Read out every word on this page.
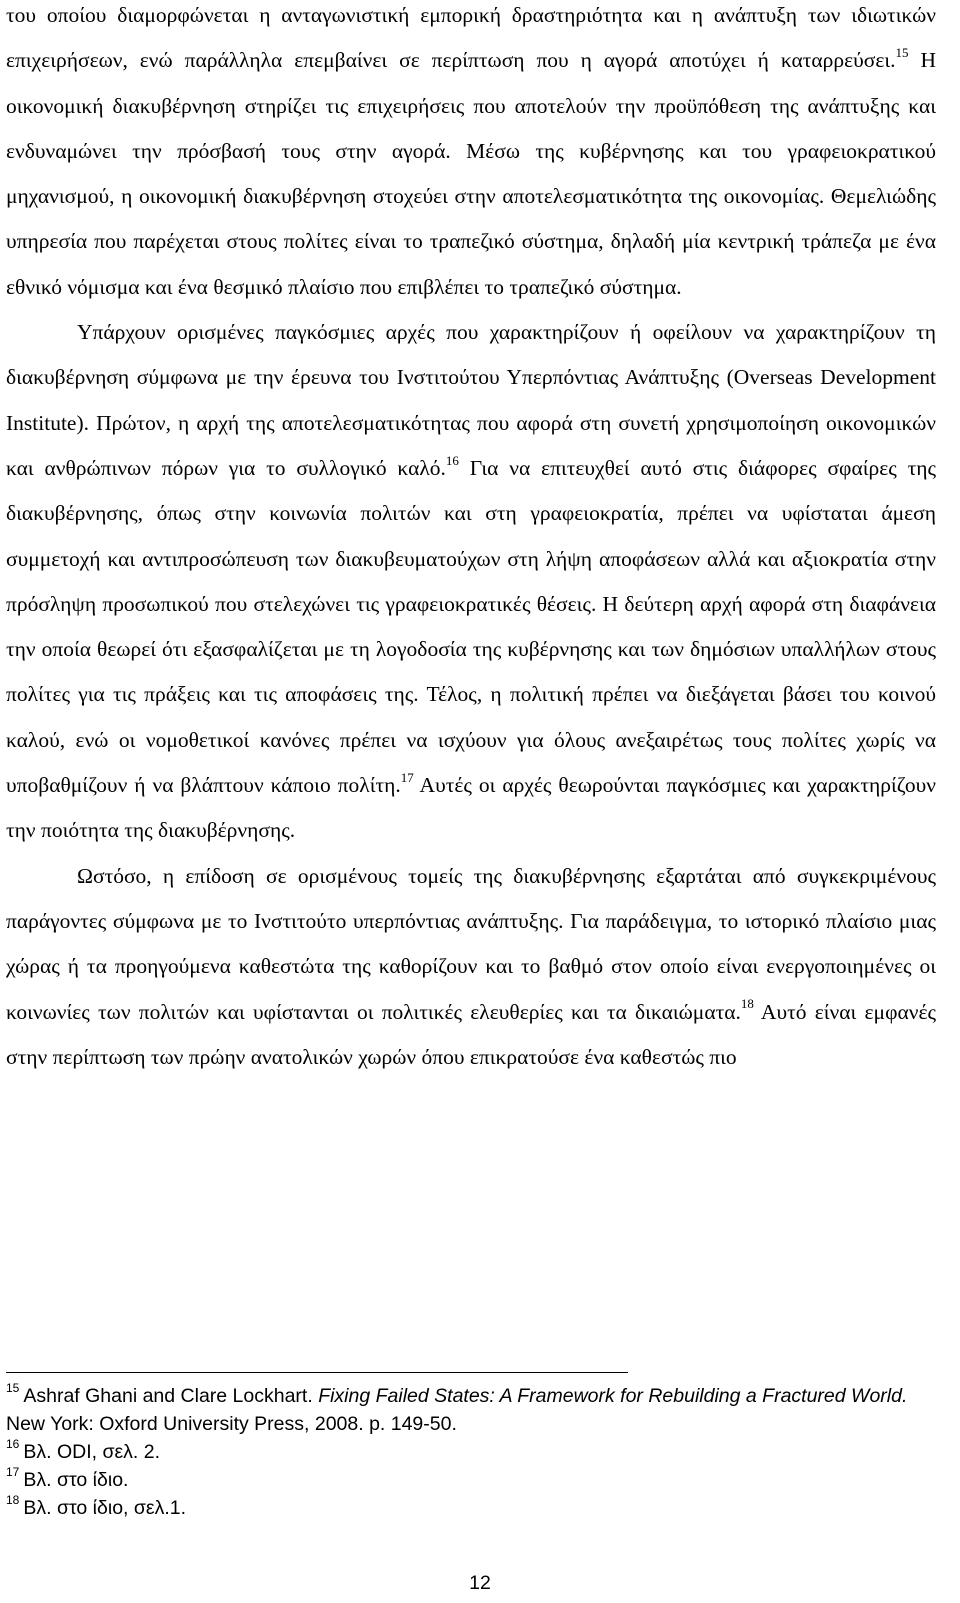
του οποίου διαμορφώνεται η ανταγωνιστική εμπορική δραστηριότητα και η ανάπτυξη των ιδιωτικών επιχειρήσεων, ενώ παράλληλα επεμβαίνει σε περίπτωση που η αγορά αποτύχει ή καταρρεύσει.$^{15}$ Η οικονομική διακυβέρνηση στηρίζει τις επιχειρήσεις που αποτελούν την προϋπόθεση της ανάπτυξης και ενδυναμώνει την πρόσβασή τους στην αγορά. Μέσω της κυβέρνησης και του γραφειοκρατικού μηχανισμού, η οικονομική διακυβέρνηση στοχεύει στην αποτελεσματικότητα της οικονομίας. Θεμελιώδης υπηρεσία που παρέχεται στους πολίτες είναι το τραπεζικό σύστημα, δηλαδή μία κεντρική τράπεζα με ένα εθνικό νόμισμα και ένα θεσμικό πλαίσιο που επιβλέπει το τραπεζικό σύστημα.

Υπάρχουν ορισμένες παγκόσμιες αρχές που χαρακτηρίζουν ή οφείλουν να χαρακτηρίζουν τη διακυβέρνηση σύμφωνα με την έρευνα του Ινστιτούτου Υπερπόντιας Ανάπτυξης (Overseas Development Institute). Πρώτον, η αρχή της αποτελεσματικότητας που αφορά στη συνετή χρησιμοποίηση οικονομικών και ανθρώπινων πόρων για το συλλογικό καλό.$^{16}$ Για να επιτευχθεί αυτό στις διάφορες σφαίρες της διακυβέρνησης, όπως στην κοινωνία πολιτών και στη γραφειοκρατία, πρέπει να υφίσταται άμεση συμμετοχή και αντιπροσώπευση των διακυβευματούχων στη λήψη αποφάσεων αλλά και αξιοκρατία στην πρόσληψη προσωπικού που στελεχώνει τις γραφειοκρατικές θέσεις. Η δεύτερη αρχή αφορά στη διαφάνεια την οποία θεωρεί ότι εξασφαλίζεται με τη λογοδοσία της κυβέρνησης και των δημόσιων υπαλλήλων στους πολίτες για τις πράξεις και τις αποφάσεις της. Τέλος, η πολιτική πρέπει να διεξάγεται βάσει του κοινού καλού, ενώ οι νομοθετικοί κανόνες πρέπει να ισχύουν για όλους ανεξαιρέτως τους πολίτες χωρίς να υποβαθμίζουν ή να βλάπτουν κάποιο πολίτη.$^{17}$ Αυτές οι αρχές θεωρούνται παγκόσμιες και χαρακτηρίζουν την ποιότητα της διακυβέρνησης.

Ωστόσο, η επίδοση σε ορισμένους τομείς της διακυβέρνησης εξαρτάται από συγκεκριμένους παράγοντες σύμφωνα με το Ινστιτούτο υπερπόντιας ανάπτυξης. Για παράδειγμα, το ιστορικό πλαίσιο μιας χώρας ή τα προηγούμενα καθεστώτα της καθορίζουν και το βαθμό στον οποίο είναι ενεργοποιημένες οι κοινωνίες των πολιτών και υφίστανται οι πολιτικές ελευθερίες και τα δικαιώματα.$^{18}$ Αυτό είναι εμφανές στην περίπτωση των πρώην ανατολικών χωρών όπου επικρατούσε ένα καθεστώς πιο

$^{15}$ Ashraf Ghani and Clare Lockhart. Fixing Failed States: A Framework for Rebuilding a Fractured World. New York: Oxford University Press, 2008. p. 149-50.

$^{16}$ Βλ. ODI, σελ. 2.

$^{17}$ Βλ. στο ίδιο.

$^{18}$ Βλ. στο ίδιο, σελ.1.

12
